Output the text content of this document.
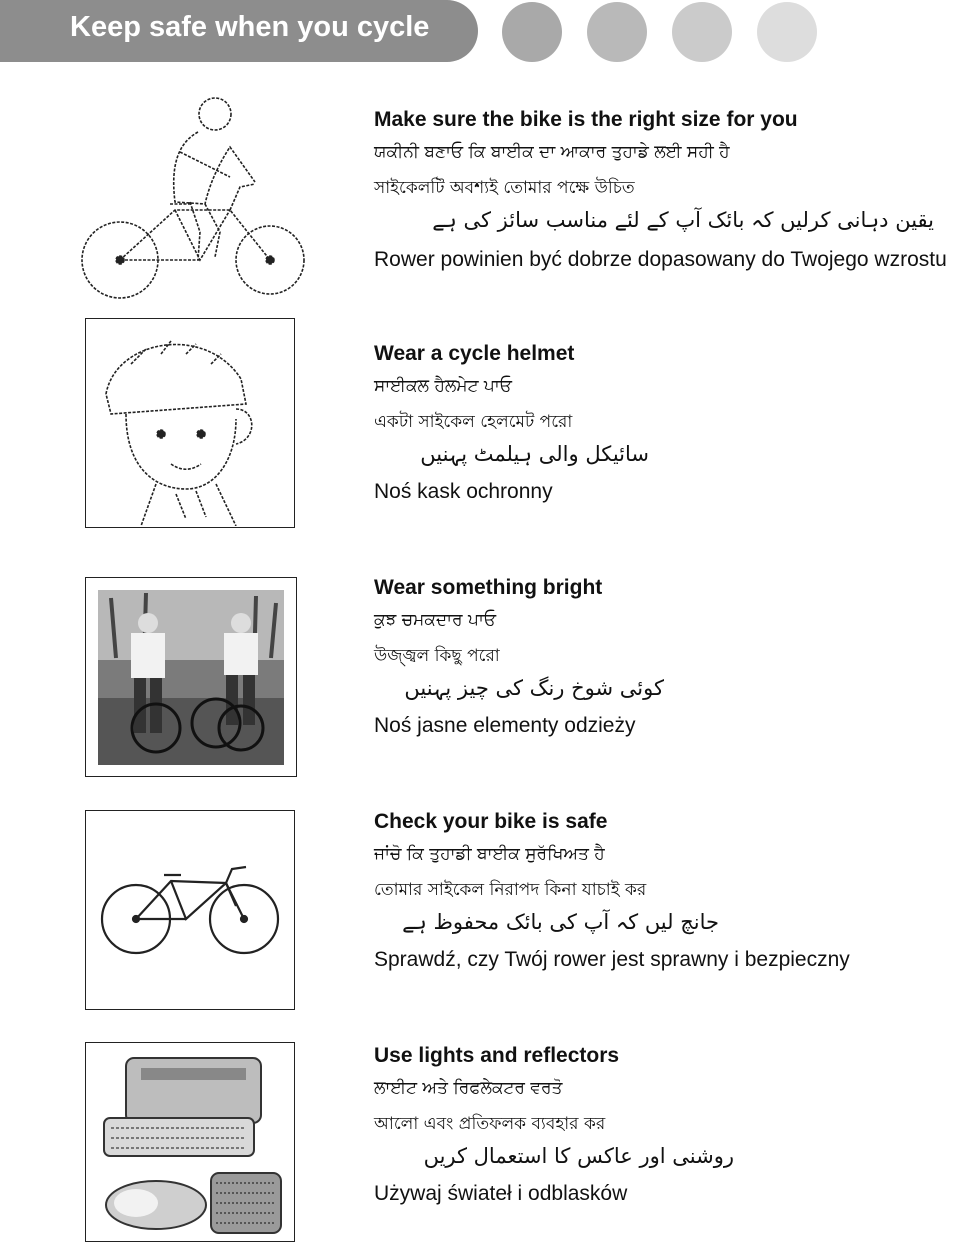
Keep safe when you cycle
Make sure the bike is the right size for you
ਯਕੀਨੀ ਬਣਾਓ ਕਿ ਬਾਈਕ ਦਾ ਆਕਾਰ ਤੁਹਾਡੇ ਲਈ ਸਹੀ ਹੈ
সাইকেলটি অবশ্যই তোমার পক্ষে উচিত
یقین دہانی کرلیں کہ بائک آپ کے لئے مناسب سائز کی ہے
Rower powinien być dobrze dopasowany do Twojego wzrostu
Wear a cycle helmet
ਸਾਈਕਲ ਹੈਲਮੇਟ ਪਾਓ
একটা সাইকেল হেলমেট পরো
سائیکل والی ہیلمٹ پہنیں
Noś kask ochronny
Wear something bright
ਕੁਝ ਚਮਕਦਾਰ ਪਾਓ
উজ্জ্বল কিছু পরো
کوئی شوخ رنگ کی چیز پہنیں
Noś jasne elementy odzieży
Check your bike is safe
ਜਾਂਚੋ ਕਿ ਤੁਹਾਡੀ ਬਾਈਕ ਸੁਰੱਖਿਅਤ ਹੈ
তোমার সাইকেল নিরাপদ কিনা যাচাই কর
جانچ لیں کہ آپ کی بائک محفوظ ہے
Sprawdź, czy Twój rower jest sprawny i bezpieczny
Use lights and reflectors
ਲਾਈਟ ਅਤੇ ਰਿਫਲੇਕਟਰ ਵਰਤੋ
আলো এবং প্রতিফলক ব্যবহার কর
روشنی اور عاکس کا استعمال کریں
Używaj świateł i odblasków
